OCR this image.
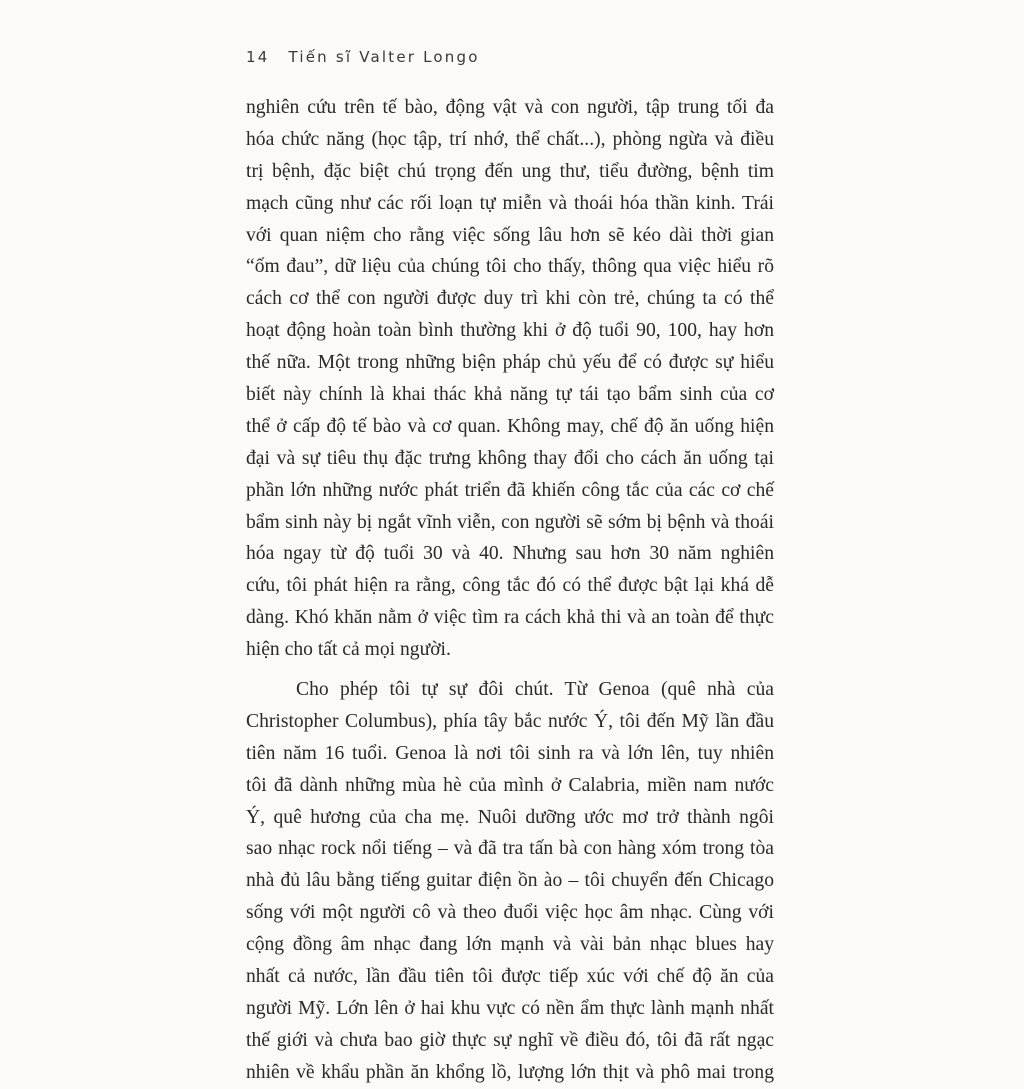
14 Tiến sĩ Valter Longo
nghiên cứu trên tế bào, động vật và con người, tập trung tối đa
hóa chức năng (học tập, trí nhớ, thể chất...), phòng ngừa và điều
trị bệnh, đặc biệt chú trọng đến ung thư, tiểu đường, bệnh tim
mạch cũng như các rối loạn tự miễn và thoái hóa thần kinh. Trái
với quan niệm cho rằng việc sống lâu hơn sẽ kéo dài thời gian
“ốm đau”, dữ liệu của chúng tôi cho thấy, thông qua việc hiểu rõ
cách cơ thể con người được duy trì khi còn trẻ, chúng ta có thể
hoạt động hoàn toàn bình thường khi ở độ tuổi 90, 100, hay hơn
thế nữa. Một trong những biện pháp chủ yếu để có được sự hiểu
biết này chính là khai thác khả năng tự tái tạo bẩm sinh của cơ
thể ở cấp độ tế bào và cơ quan. Không may, chế độ ăn uống hiện
đại và sự tiêu thụ đặc trưng không thay đổi cho cách ăn uống tại
phần lớn những nước phát triển đã khiến công tắc của các cơ chế
bẩm sinh này bị ngắt vĩnh viễn, con người sẽ sớm bị bệnh và thoái
hóa ngay từ độ tuổi 30 và 40. Nhưng sau hơn 30 năm nghiên
cứu, tôi phát hiện ra rằng, công tắc đó có thể được bật lại khá dễ
dàng. Khó khăn nằm ở việc tìm ra cách khả thi và an toàn để thực
hiện cho tất cả mọi người.
Cho phép tôi tự sự đôi chút. Từ Genoa (quê nhà của
Christopher Columbus), phía tây bắc nước Ý, tôi đến Mỹ lần đầu
tiên năm 16 tuổi. Genoa là nơi tôi sinh ra và lớn lên, tuy nhiên
tôi đã dành những mùa hè của mình ở Calabria, miền nam nước
Ý, quê hương của cha mẹ. Nuôi dưỡng ước mơ trở thành ngôi
sao nhạc rock nổi tiếng – và đã tra tấn bà con hàng xóm trong tòa
nhà đủ lâu bằng tiếng guitar điện ồn ào – tôi chuyển đến Chicago
sống với một người cô và theo đuổi việc học âm nhạc. Cùng với
cộng đồng âm nhạc đang lớn mạnh và vài bản nhạc blues hay
nhất cả nước, lần đầu tiên tôi được tiếp xúc với chế độ ăn của
người Mỹ. Lớn lên ở hai khu vực có nền ẩm thực lành mạnh nhất
thế giới và chưa bao giờ thực sự nghĩ về điều đó, tôi đã rất ngạc
nhiên về khẩu phần ăn khổng lồ, lượng lớn thịt và phô mai trong
